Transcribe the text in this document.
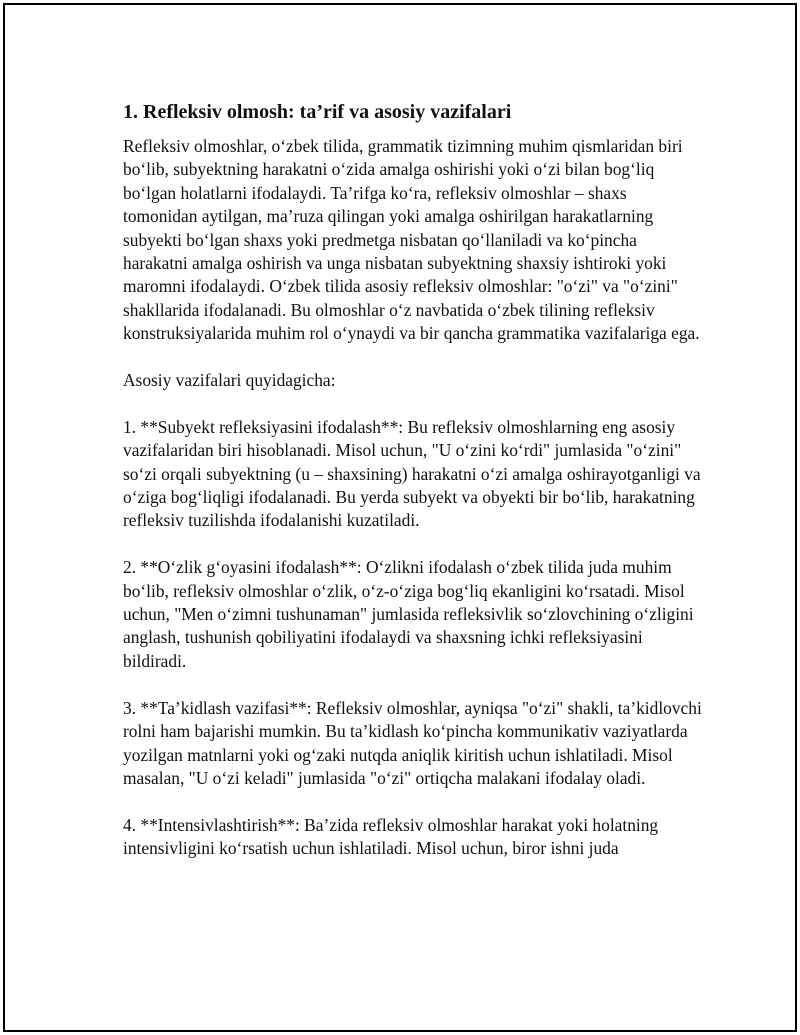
1. Refleksiv olmosh: ta’rif va asosiy vazifalari

Refleksiv olmoshlar, o‘zbek tilida, grammatik tizimning muhim qismlaridan biri bo‘lib, subyektning harakatni o‘zida amalga oshirishi yoki o‘zi bilan bog‘liq bo‘lgan holatlarni ifodalaydi. Ta’rifga ko‘ra, refleksiv olmoshlar – shaxs tomonidan aytilgan, ma’ruza qilingan yoki amalga oshirilgan harakatlarning subyekti bo‘lgan shaxs yoki predmetga nisbatan qo‘llaniladi va ko‘pincha harakatni amalga oshirish va unga nisbatan subyektning shaxsiy ishtiroki yoki maromni ifodalaydi. O‘zbek tilida asosiy refleksiv olmoshlar: "o‘zi" va "o‘zini" shakllarida ifodalanadi. Bu olmoshlar o‘z navbatida o‘zbek tilining refleksiv konstruksiyalarida muhim rol o‘ynaydi va bir qancha grammatika vazifalariga ega.

Asosiy vazifalari quyidagicha:

1. **Subyekt refleksiyasini ifodalash**: Bu refleksiv olmoshlarning eng asosiy vazifalaridan biri hisoblanadi. Misol uchun, "U o‘zini ko‘rdi" jumlasida "o‘zini" so‘zi orqali subyektning (u – shaxsining) harakatni o‘zi amalga oshirayotganligi va o‘ziga bog‘liqligi ifodalanadi. Bu yerda subyekt va obyekti bir bo‘lib, harakatning refleksiv tuzilishda ifodalanishi kuzatiladi.

2. **O‘zlik g‘oyasini ifodalash**: O‘zlikni ifodalash o‘zbek tilida juda muhim bo‘lib, refleksiv olmoshlar o‘zlik, o‘z-o‘ziga bog‘liq ekanligini ko‘rsatadi. Misol uchun, "Men o‘zimni tushunaman" jumlasida refleksivlik so‘zlovchining o‘zligini anglash, tushunish qobiliyatini ifodalaydi va shaxsning ichki refleksiyasini bildiradi.

3. **Ta’kidlash vazifasi**: Refleksiv olmoshlar, ayniqsa "o‘zi" shakli, ta’kidlovchi rolni ham bajarishi mumkin. Bu ta’kidlash ko‘pincha kommunikativ vaziyatlarda yozilgan matnlarni yoki og‘zaki nutqda aniqlik kiritish uchun ishlatiladi. Misol masalan, "U o‘zi keladi" jumlasida "o‘zi" ortiqcha malakani ifodalay oladi.

4. **Intensivlashtirish**: Ba’zida refleksiv olmoshlar harakat yoki holatning intensivligini ko‘rsatish uchun ishlatiladi. Misol uchun, biror ishni juda
